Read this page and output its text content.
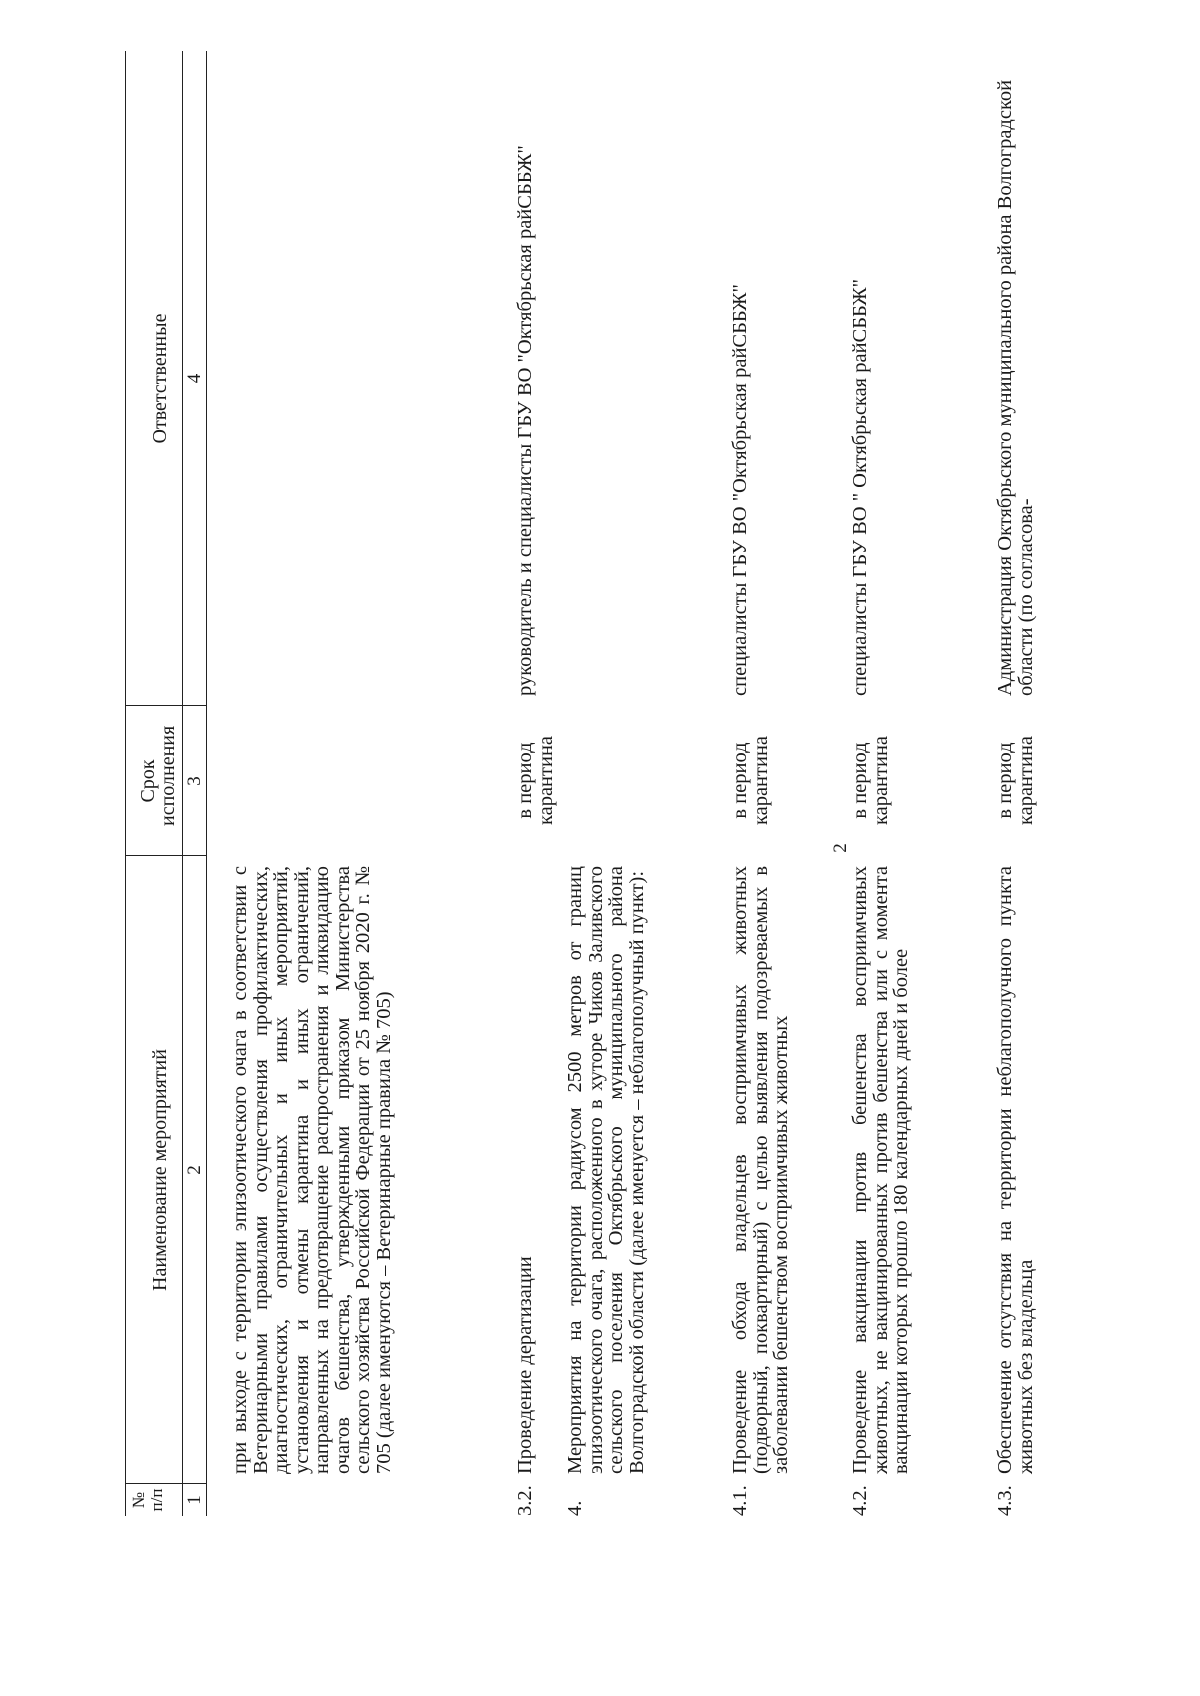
2
№ п/п
Наименование мероприятий
Срок исполнения
Ответственные
1
2
3
4
при выходе с территории эпизоотического очага в соответствии с Ветеринарными правилами осуществления профилактических, диагностических, ограничительных и иных мероприятий, установления и отмены карантина и иных ограничений, направленных на предотвращение распространения и ликвидацию очагов бешенства, утвержденными приказом Министерства сельского хозяйства Российской Федерации от 25 ноября 2020 г. № 705 (далее именуются – Ветеринарные правила № 705)
3.2.
Проведение дератизации
в период карантина
руководитель и специалисты ГБУ ВО "Октябрьская райСББЖ"
4.
Мероприятия на территории радиусом 2500 метров от границ эпизоотического очага, расположенного в хуторе Чиков Заливского сельского поселения Октябрьского муниципального района Волгоградской области (далее именуется – неблагополучный пункт):
4.1.
Проведение обхода владельцев восприимчивых животных (подворный, поквартирный) с целью выявления подозреваемых в заболевании бешенством восприимчивых животных
в период карантина
специалисты ГБУ ВО "Октябрьская райСББЖ"
4.2.
Проведение вакцинации против бешенства восприимчивых животных, не вакцинированных против бешенства или с момента вакцинации которых прошло 180 календарных дней и более
в период карантина
специалисты ГБУ ВО " Октябрьская райСББЖ"
4.3.
Обеспечение отсутствия на территории неблагополучного пункта животных без владельца
в период карантина
Администрация Октябрьского муниципального района Волгоградской области (по согласова-
